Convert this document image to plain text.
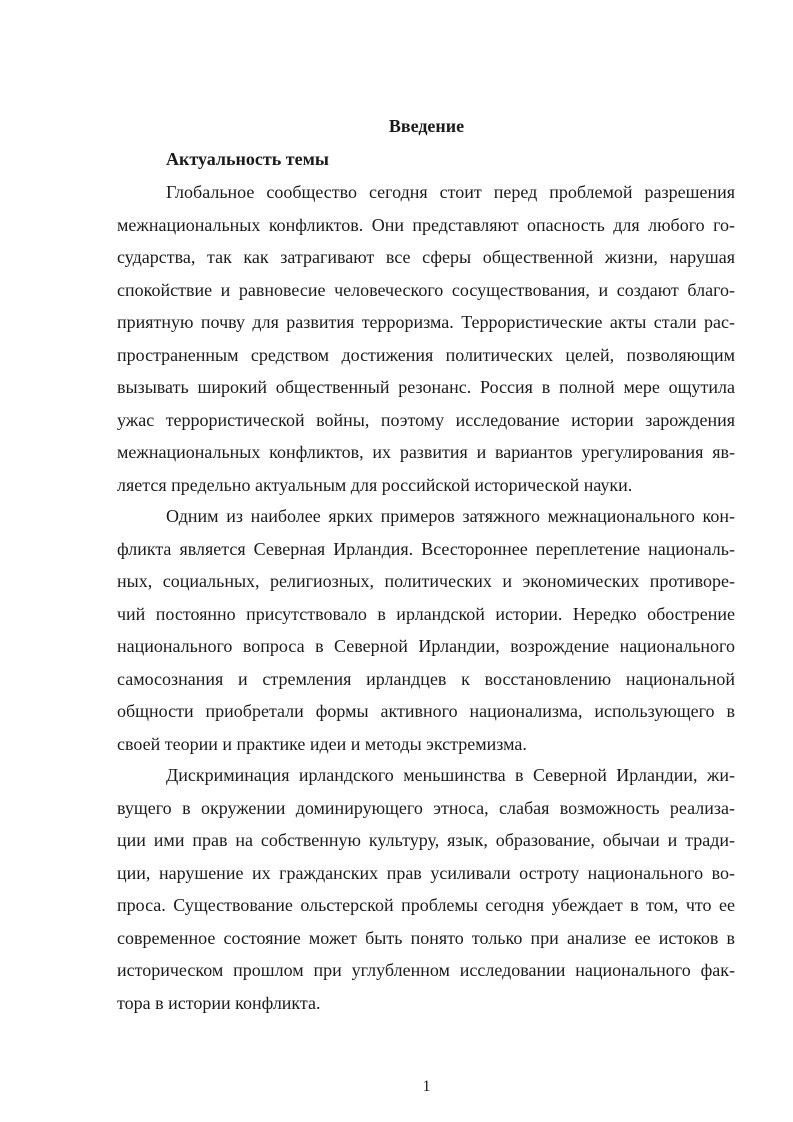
Введение
Актуальность темы

Глобальное сообщество сегодня стоит перед проблемой разрешения
межнациональных конфликтов. Они представляют опасность для любого го-
сударства, так как затрагивают все сферы общественной жизни, нарушая
спокойствие и равновесие человеческого сосуществования, и создают благо-
приятную почву для развития терроризма. Террористические акты стали рас-
пространенным средством достижения политических целей, позволяющим
вызывать широкий общественный резонанс. Россия в полной мере ощутила
ужас террористической войны, поэтому исследование истории зарождения
межнациональных конфликтов, их развития и вариантов урегулирования яв-
ляется предельно актуальным для российской исторической науки.

Одним из наиболее ярких примеров затяжного межнационального кон-
фликта является Северная Ирландия. Всестороннее переплетение националь-
ных, социальных, религиозных, политических и экономических противоре-
чий постоянно присутствовало в ирландской истории. Нередко обострение
национального вопроса в Северной Ирландии, возрождение национального
самосознания и стремления ирландцев к восстановлению национальной
общности приобретали формы активного национализма, использующего в
своей теории и практике идеи и методы экстремизма.

Дискриминация ирландского меньшинства в Северной Ирландии, жи-
вущего в окружении доминирующего этноса, слабая возможность реализа-
ции ими прав на собственную культуру, язык, образование, обычаи и тради-
ции, нарушение их гражданских прав усиливали остроту национального во-
проса. Существование ольстерской проблемы сегодня убеждает в том, что ее
современное состояние может быть понято только при анализе ее истоков в
историческом прошлом при углубленном исследовании национального фак-
тора в истории конфликта.

1
